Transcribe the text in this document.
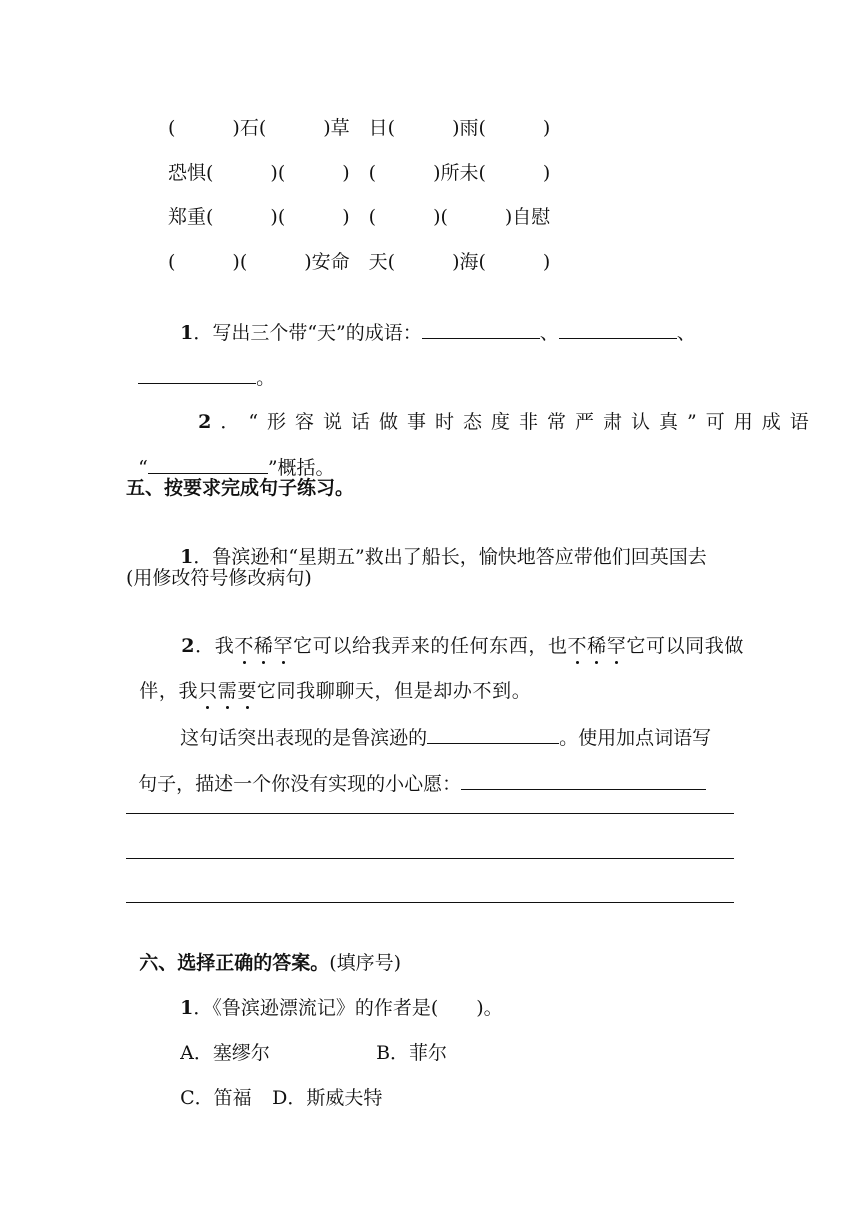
(　　　)石(　　　)草　日(　　　)雨(　　　)
恐惧(　　　)(　　　)　(　　　)所未(　　　)
郑重(　　　)(　　　)　(　　　)(　　　)自慰
(　　　)(　　　)安命　天(　　　)海(　　　)

1．写出三个带“天”的成语：	、	、

。

2．“形容说话做事时态度非常严肃认真”可用成语

“	”概括。

五、按要求完成句子练习。

1．鲁滨逊和“星期五”救出了船长，愉快地答应带他们回英国去

(用修改符号修改病句)

2．我不稀罕它可以给我弄来的任何东西，也不稀罕它可以同我做

伴，我只需要它同我聊聊天，但是却办不到。

这句话突出表现的是鲁滨逊的	。使用加点词语写

句子，描述一个你没有实现的小心愿：

六、选择正确的答案。(填序号)

1．《鲁滨逊漂流记》的作者是(　　)。

A．塞缪尔	B．菲尔

C．笛福 D．斯威夫特
